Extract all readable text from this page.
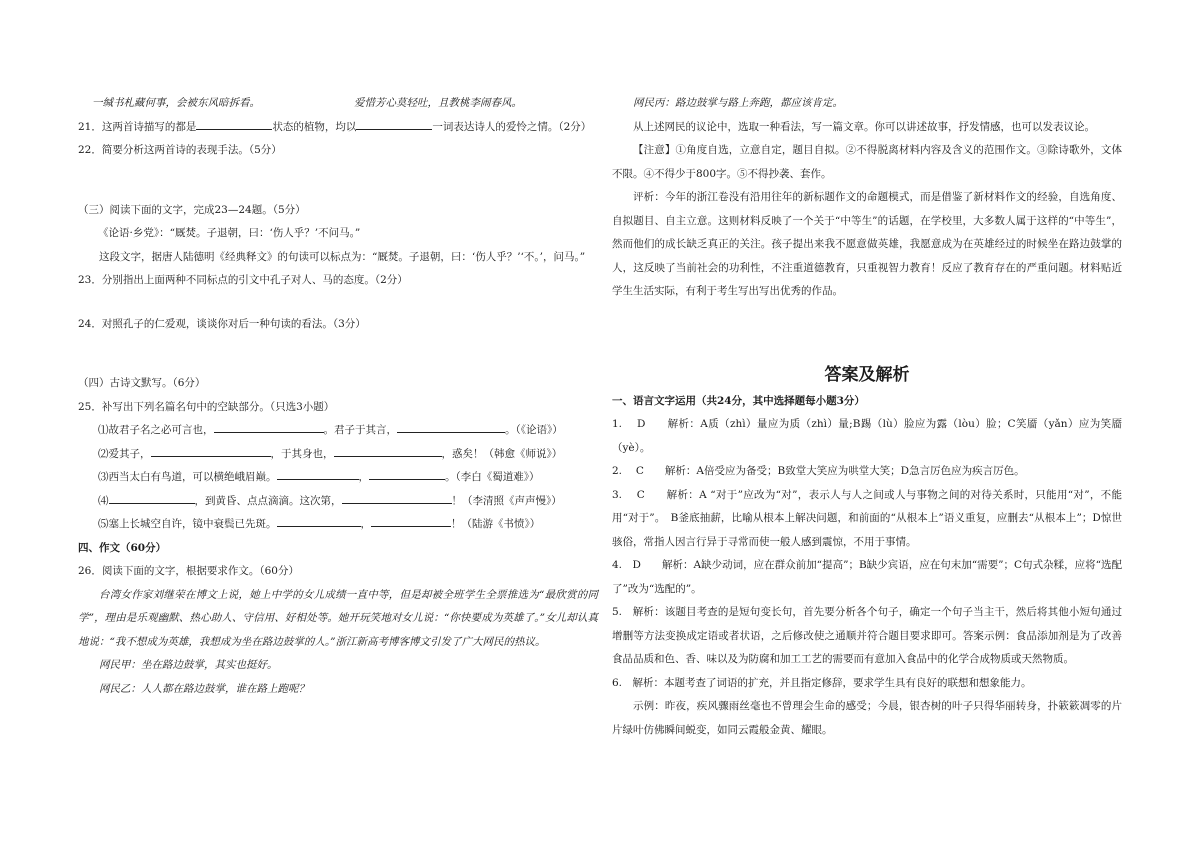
一缄书札藏何事，会被东风暗拆看。	爱惜芳心莫轻吐，且教桃李闹春风。
21．这两首诗描写的都是	状态的植物，均以	一词表达诗人的爱怜之情。（2分）
22．简要分析这两首诗的表现手法。（5分）
（三）阅读下面的文字，完成23—24题。（5分）
《论语·乡党》：“厩焚。子退朝，曰：‘伤人乎？’不问马。”
这段文字，据唐人陆德明《经典释文》的句读可以标点为：“厩焚。子退朝，曰：‘伤人乎？’‘不。’，问马。”
23．分别指出上面两种不同标点的引文中孔子对人、马的态度。（2分）
24．对照孔子的仁爱观，谈谈你对后一种句读的看法。（3分）
（四）古诗文默写。（6分）
25．补写出下列名篇名句中的空缺部分。（只选3小题）
⑴故君子名之必可言也，	。君子于其言，	。（《论语》）
⑵爱其子，	，于其身也，	，惑矣！（韩愈《师说》）
⑶西当太白有鸟道，可以横绝峨眉巅。	，	。（李白《蜀道难》）
⑷	，到黄昏、点点滴滴。这次第，	！（李清照《声声慢》）
⑸塞上长城空自许，镜中衰鬓已先斑。	，	！（陆游《书愤》）
四、作文（60分）
26．阅读下面的文字，根据要求作文。（60分）
台湾女作家刘继荣在博文上说，她上中学的女儿成绩一直中等，但是却被全班学生全票推选为“最欣赏的同学”，理由是乐观幽默、热心助人、守信用、好相处等。她开玩笑地对女儿说：“你快要成为英雄了。”女儿却认真地说：“我不想成为英雄，我想成为坐在路边鼓掌的人。”浙江新高考博客博文引发了广大网民的热议。
网民甲：坐在路边鼓掌，其实也挺好。
网民乙：人人都在路边鼓掌，谁在路上跑呢？
网民丙：路边鼓掌与路上奔跑，都应该肯定。
从上述网民的议论中，选取一种看法，写一篇文章。你可以讲述故事，抒发情感，也可以发表议论。
【注意】①角度自选，立意自定，题目自拟。②不得脱离材料内容及含义的范围作文。③除诗歌外，文体不限。④不得少于800字。⑤不得抄袭、套作。
评析：今年的浙江卷没有沿用往年的新标题作文的命题模式，而是借鉴了新材料作文的经验，自选角度、自拟题目、自主立意。这则材料反映了一个关于“中等生”的话题，在学校里，大多数人属于这样的“中等生”，然而他们的成长缺乏真正的关注。孩子提出来我不愿意做英雄，我愿意成为在英雄经过的时候坐在路边鼓掌的人，这反映了当前社会的功利性，不注重道德教育，只重视智力教育！反应了教育存在的严重问题。材料贴近学生生活实际，有利于考生写出写出优秀的作品。
答案及解析
一、语言文字运用（共24分，其中选择题每小题3分）
1.　 D　　解析：A质（zhì）量应为质（zhì）量;B踢（lù）脸应为露（lòu）脸；C笑靥（yǎn）应为笑靥（yè）。
2.　 C　　解析：A倍受应为备受；B致堂大笑应为哄堂大笑；D急言厉色应为疾言厉色。
3.　 C　　解析：A “对于”应改为“对”，表示人与人之间或人与事物之间的对待关系时，只能用“对”，不能用“对于”。　B釜底抽薪，比喻从根本上解决问题，和前面的“从根本上”语义重复，应删去“从根本上”；D惊世骇俗，常指人因言行异于寻常而使一般人感到震惊，不用于事情。
4.　D　　解析：A缺少动词，应在群众前加“提高”；B缺少宾语，应在句末加“需要”；C句式杂糅，应将“选配了”改为“选配的”。
5.　解析：该题目考查的是短句变长句，首先要分析各个句子，确定一个句子当主干，然后将其他小短句通过增删等方法变换成定语或者状语，之后修改使之通顺并符合题目要求即可。答案示例：食品添加剂是为了改善食品品质和色、香、味以及为防腐和加工工艺的需要而有意加入食品中的化学合成物质或天然物质。
6.　解析：本题考查了词语的扩充，并且指定修辞，要求学生具有良好的联想和想象能力。
示例：昨夜，疾风骤雨丝毫也不曾理会生命的感受；今晨，银杏树的叶子只得华丽转身，扑簌簌凋零的片片绿叶仿佛瞬间蜕变，如同云霞般金黄、耀眼。
